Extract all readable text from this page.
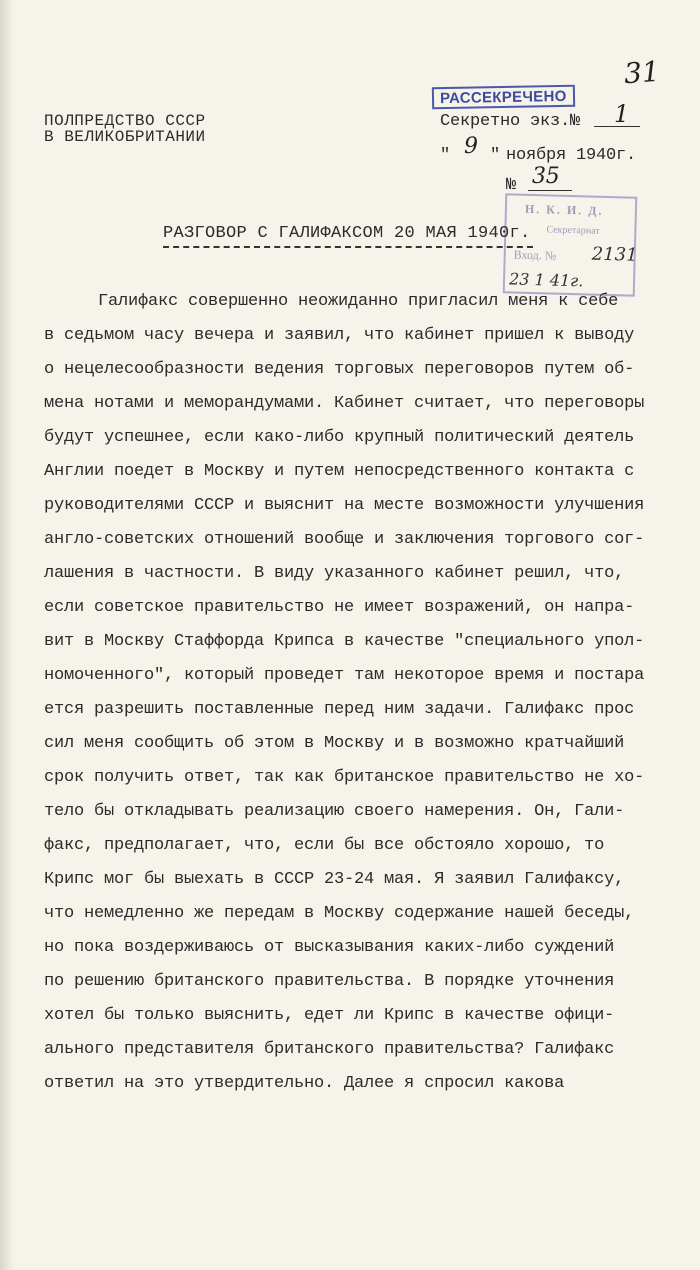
31
ПОЛПРЕДСТВО СССР
В ВЕЛИКОБРИТАНИИ
РАССЕКРЕЧЕНО
Секретно экз.№ 1
" 9 " ноября 1940г.
№ 35
Н. К. И. Д.
Секретариат
Вход. № 2131
23 1 41г.
РАЗГОВОР С ГАЛИФАКСОМ 20 МАЯ 1940г.
Галифакс совершенно неожиданно пригласил меня к себе
в седьмом часу вечера и заявил, что кабинет пришел к выводу
о нецелесообразности ведения торговых переговоров путем об-
мена нотами и меморандумами. Кабинет считает, что переговоры
будут успешнее, если како-либо крупный политический деятель
Англии поедет в Москву и путем непосредственного контакта с
руководителями СССР и выяснит на месте возможности улучшения
англо-советских отношений вообще и заключения торгового сог-
лашения в частности. В виду указанного кабинет решил, что,
если советское правительство не имеет возражений, он напра-
вит в Москву Стаффорда Крипса в качестве "специального упол-
номоченного", который проведет там некоторое время и постара
ется разрешить поставленные перед ним задачи. Галифакс прос
сил меня сообщить об этом в Москву и в возможно кратчайший
срок получить ответ, так как британское правительство не хо-
тело бы откладывать реализацию своего намерения. Он, Гали-
факс, предполагает, что, если бы все обстояло хорошо, то
Крипс мог бы выехать в СССР 23-24 мая. Я заявил Галифаксу,
что немедленно же передам в Москву содержание нашей беседы,
но пока воздерживаюсь от высказывания каких-либо суждений
по решению британского правительства. В порядке уточнения
хотел бы только выяснить, едет ли Крипс в качестве офици-
ального представителя британского правительства? Галифакс
ответил на это утвердительно. Далее я спросил какова
